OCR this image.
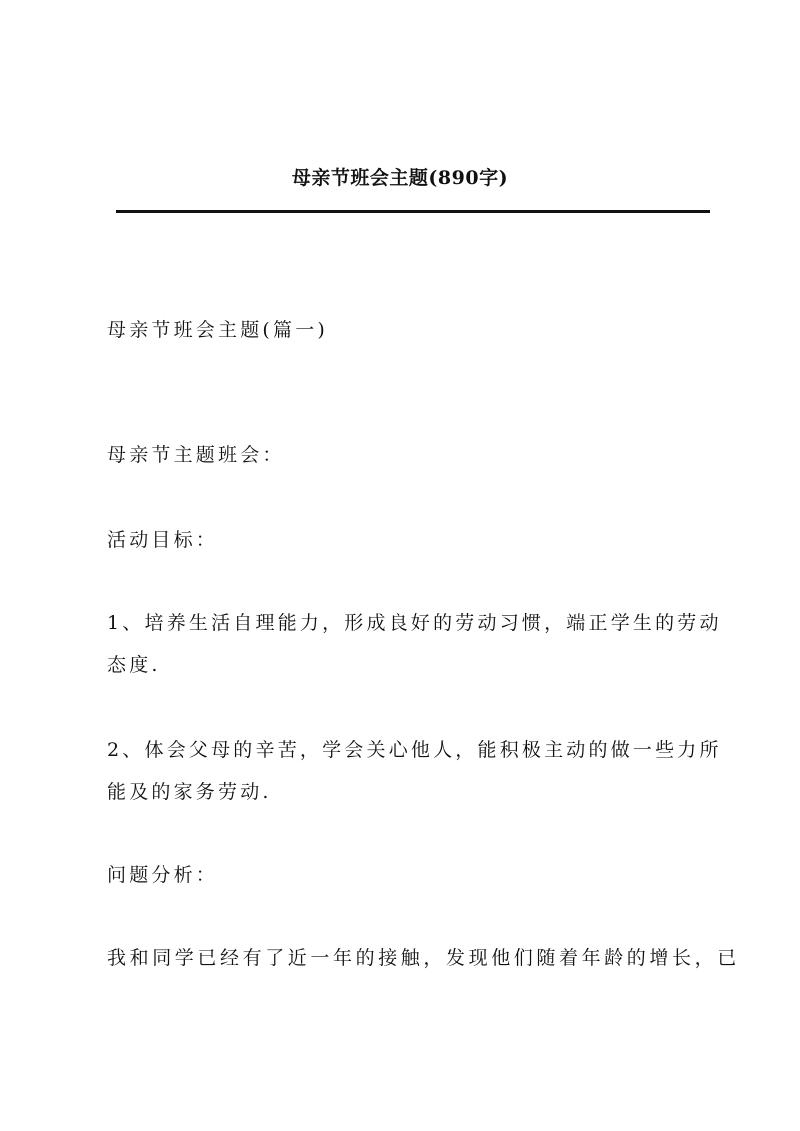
母亲节班会主题(890字)
母亲节班会主题(篇一)
母亲节主题班会：
活动目标：
1、培养生活自理能力，形成良好的劳动习惯，端正学生的劳动
态度.
2、体会父母的辛苦，学会关心他人，能积极主动的做一些力所
能及的家务劳动.
问题分析：
我和同学已经有了近一年的接触，发现他们随着年龄的增长，已
